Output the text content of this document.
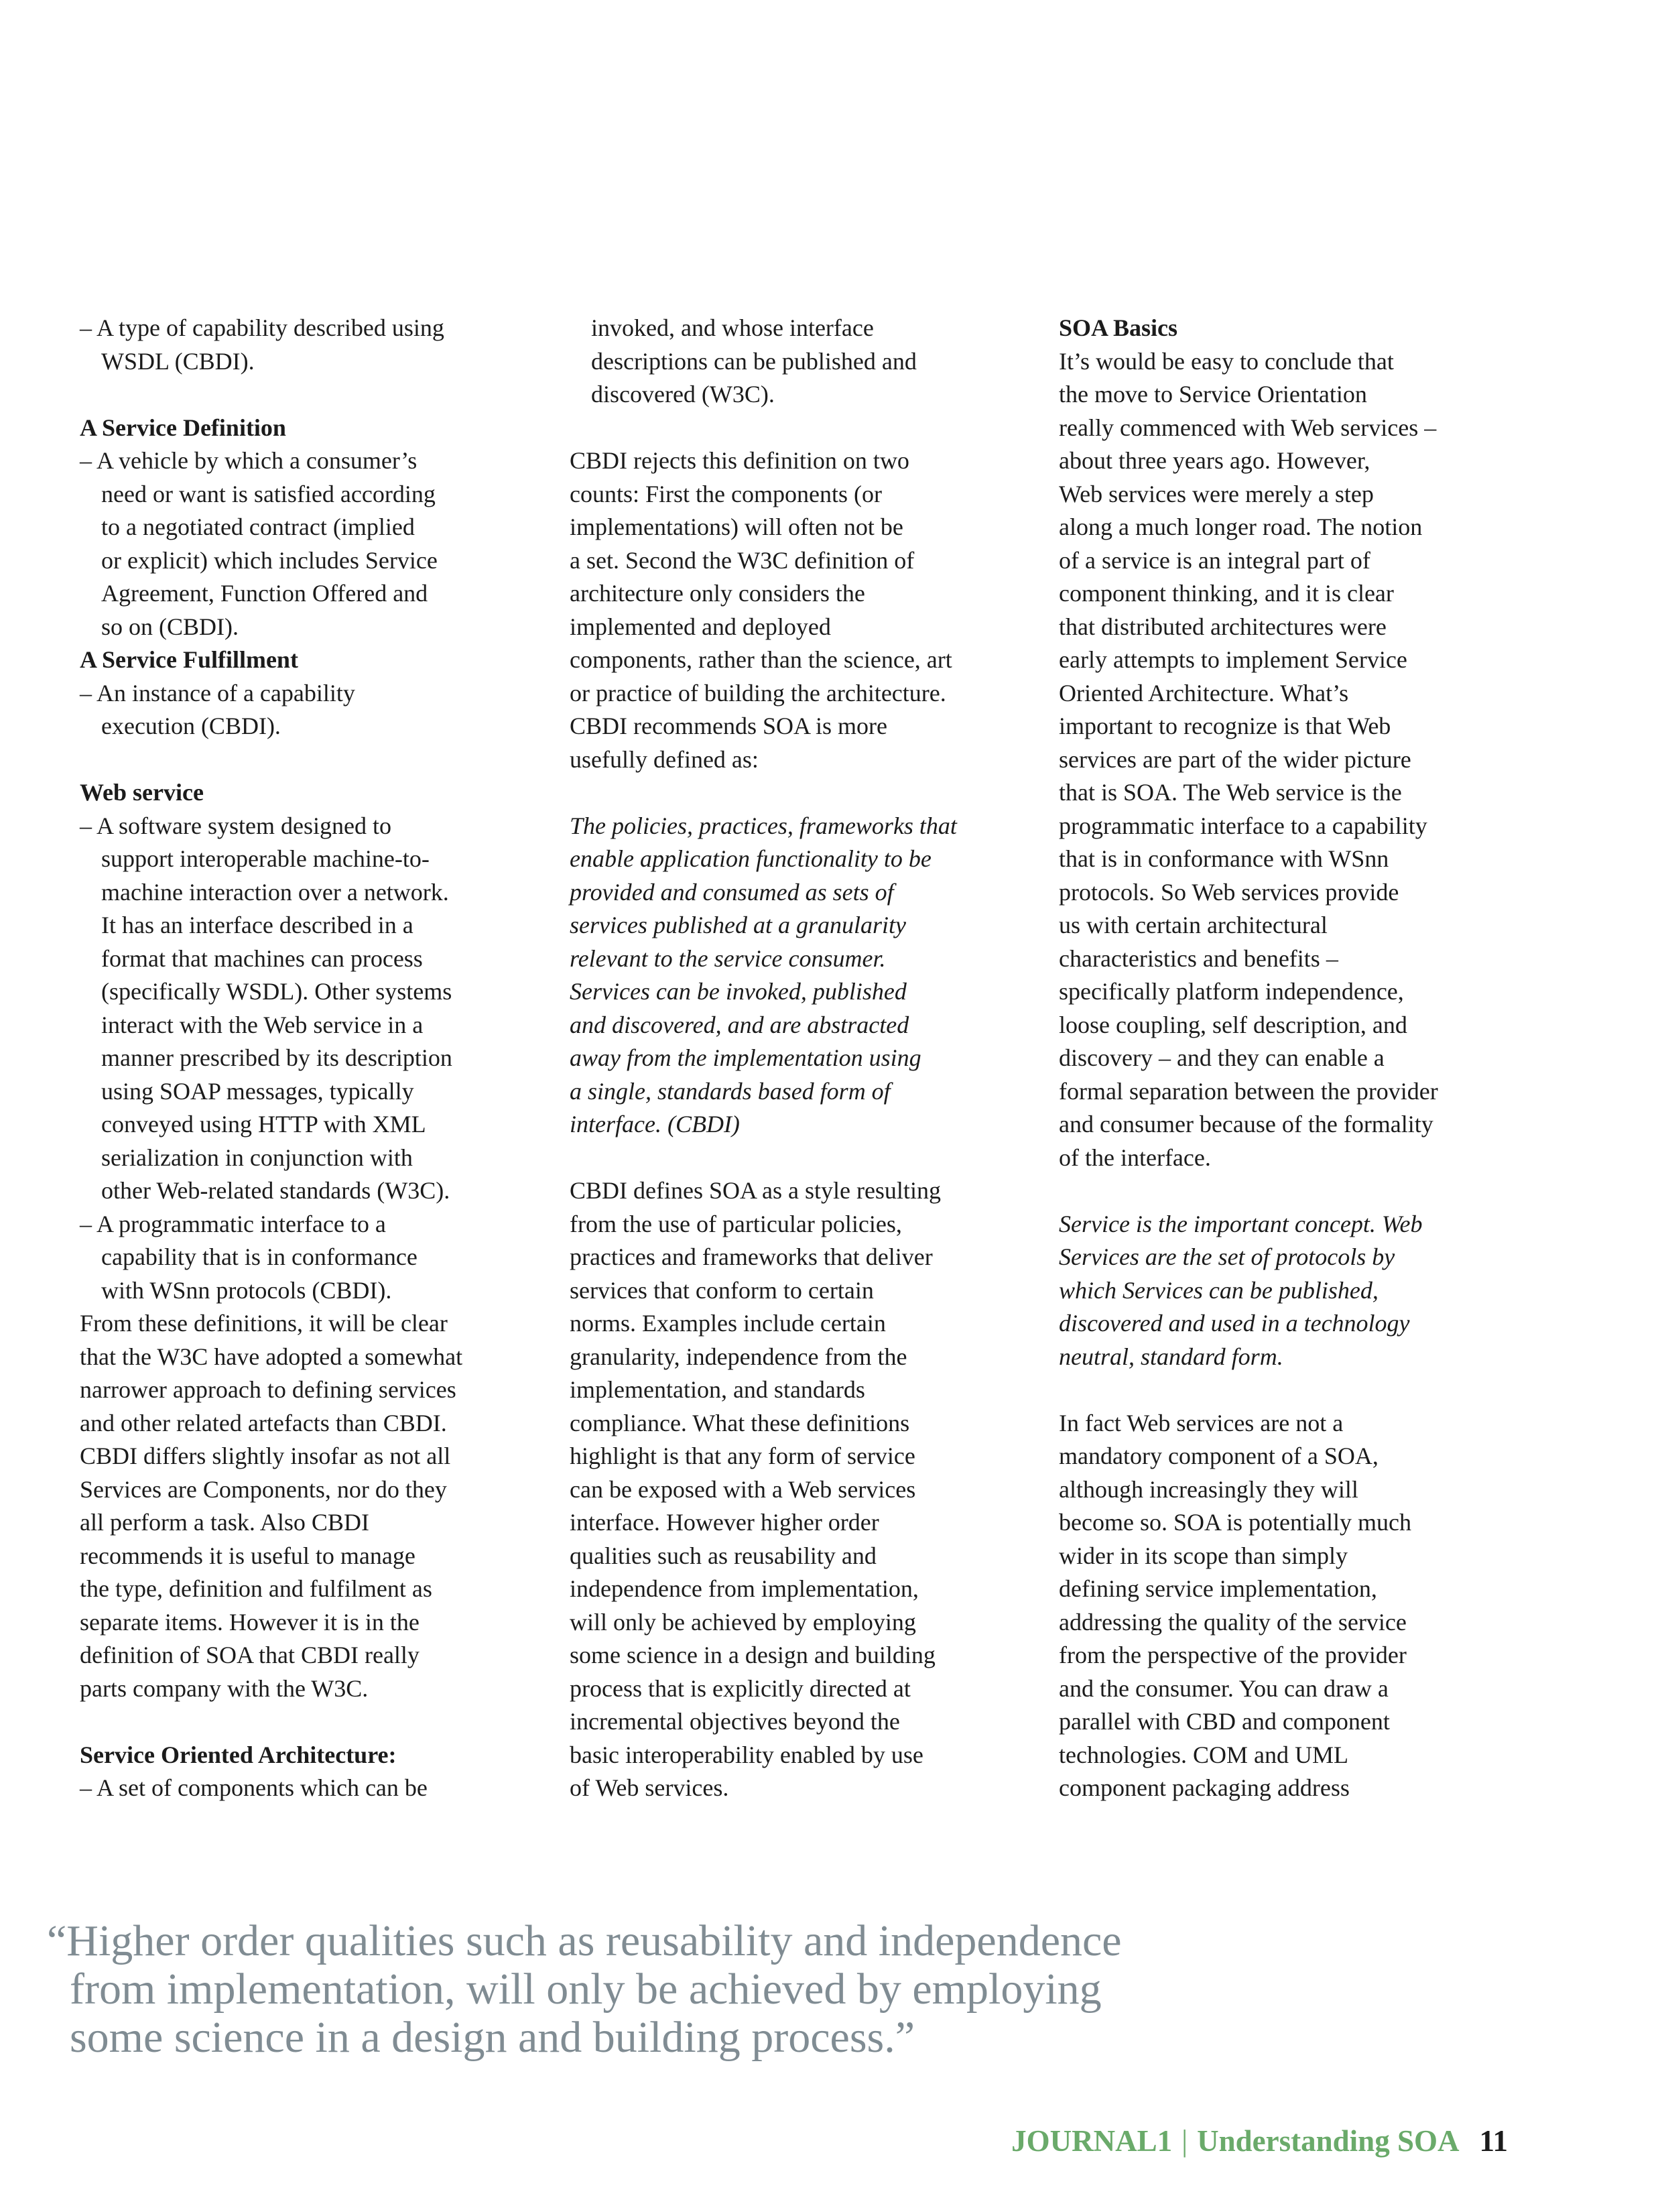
– A type of capability described using
WSDL (CBDI).

A Service Definition

– A vehicle by which a consumer’s
need or want is satisfied according
to a negotiated contract (implied
or explicit) which includes Service
Agreement, Function Offered and
so on (CBDI).

A Service Fulfillment

– An instance of a capability
execution (CBDI).

Web service

– A software system designed to
support interoperable machine-to-
machine interaction over a network.
It has an interface described in a
format that machines can process
(specifically WSDL). Other systems
interact with the Web service in a
manner prescribed by its description
using SOAP messages, typically
conveyed using HTTP with XML
serialization in conjunction with
other Web-related standards (W3C).
– A programmatic interface to a
capability that is in conformance
with WSnn protocols (CBDI).

From these definitions, it will be clear
that the W3C have adopted a somewhat
narrower approach to defining services
and other related artefacts than CBDI.
CBDI differs slightly insofar as not all
Services are Components, nor do they
all perform a task. Also CBDI
recommends it is useful to manage
the type, definition and fulfilment as
separate items. However it is in the
definition of SOA that CBDI really
parts company with the W3C.

Service Oriented Architecture:

– A set of components which can be

invoked, and whose interface
descriptions can be published and
discovered (W3C).

CBDI rejects this definition on two
counts: First the components (or
implementations) will often not be
a set. Second the W3C definition of
architecture only considers the
implemented and deployed
components, rather than the science, art
or practice of building the architecture.
CBDI recommends SOA is more
usefully defined as:

The policies, practices, frameworks that
enable application functionality to be
provided and consumed as sets of
services published at a granularity
relevant to the service consumer.
Services can be invoked, published
and discovered, and are abstracted
away from the implementation using
a single, standards based form of
interface. (CBDI)

CBDI defines SOA as a style resulting
from the use of particular policies,
practices and frameworks that deliver
services that conform to certain
norms. Examples include certain
granularity, independence from the
implementation, and standards
compliance. What these definitions
highlight is that any form of service
can be exposed with a Web services
interface. However higher order
qualities such as reusability and
independence from implementation,
will only be achieved by employing
some science in a design and building
process that is explicitly directed at
incremental objectives beyond the
basic interoperability enabled by use
of Web services.

SOA Basics

It’s would be easy to conclude that
the move to Service Orientation
really commenced with Web services –
about three years ago. However,
Web services were merely a step
along a much longer road. The notion
of a service is an integral part of
component thinking, and it is clear
that distributed architectures were
early attempts to implement Service
Oriented Architecture. What’s
important to recognize is that Web
services are part of the wider picture
that is SOA. The Web service is the
programmatic interface to a capability
that is in conformance with WSnn
protocols. So Web services provide
us with certain architectural
characteristics and benefits –
specifically platform independence,
loose coupling, self description, and
discovery – and they can enable a
formal separation between the provider
and consumer because of the formality
of the interface.

Service is the important concept. Web
Services are the set of protocols by
which Services can be published,
discovered and used in a technology
neutral, standard form.

In fact Web services are not a
mandatory component of a SOA,
although increasingly they will
become so. SOA is potentially much
wider in its scope than simply
defining service implementation,
addressing the quality of the service
from the perspective of the provider
and the consumer. You can draw a
parallel with CBD and component
technologies. COM and UML
component packaging address

“Higher order qualities such as reusability and independence
from implementation, will only be achieved by employing
some science in a design and building process.”

JOURNAL1 | Understanding SOA 11
